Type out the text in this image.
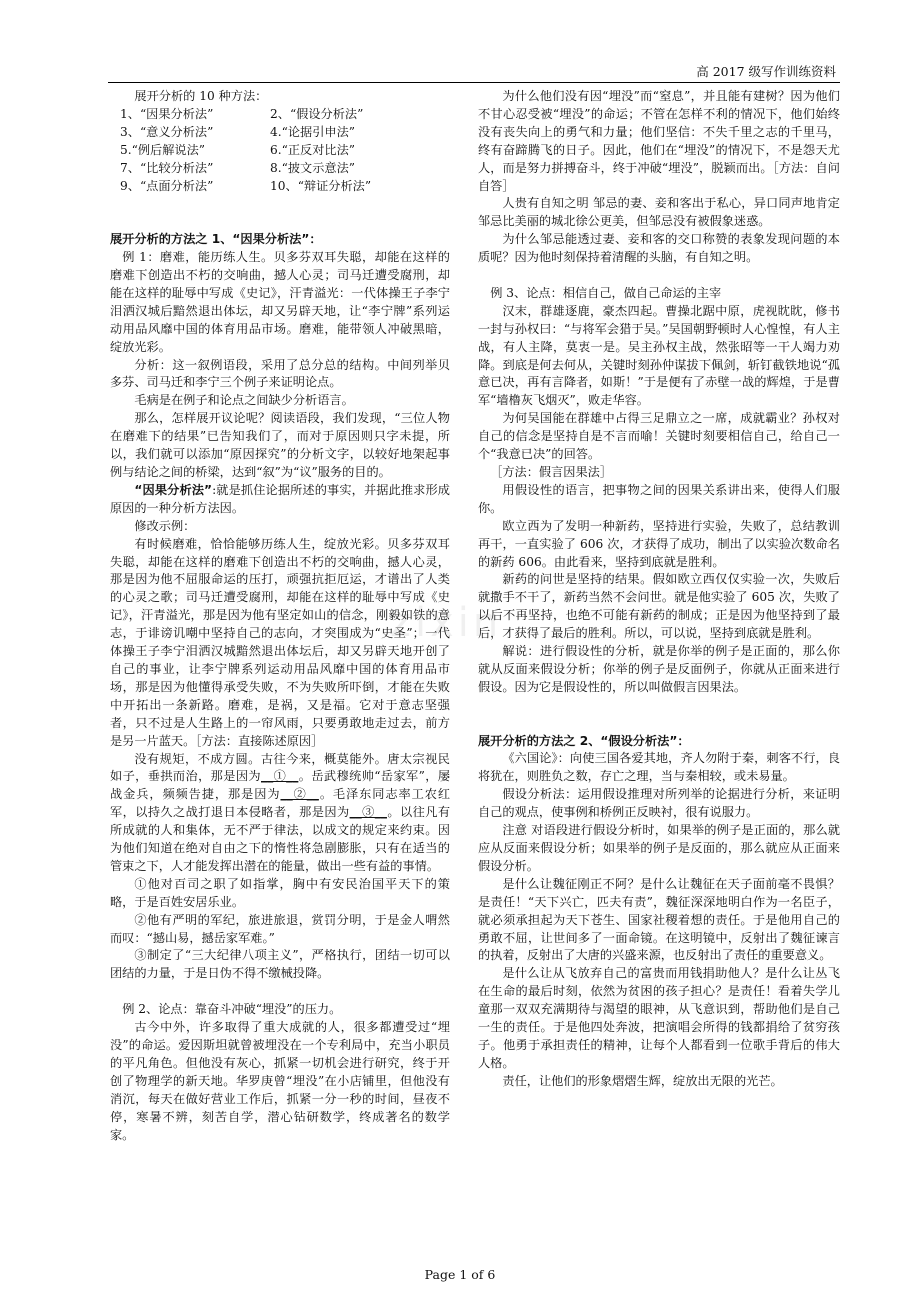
高 2017 级写作训练资料
zixin

展开分析的 10 种方法：

1、“因果分析法”	2、“假设分析法”
3、“意义分析法”	4.“论据引申法”
5.“例后解说法”	6.“正反对比法”
7、“比较分析法”	8.“披文示意法”
9、“点面分析法”	10、“辩证分析法”

展开分析的方法之 1、“因果分析法”：

例 1：磨难，能历练人生。贝多芬双耳失聪，却能在这样的磨难下创造出不朽的交响曲，撼人心灵；司马迁遭受腐刑，却能在这样的耻辱中写成《史记》，汗青溢光：一代体操王子李宁泪洒汉城后黯然退出体坛，却又另辟天地，让“李宁牌”系列运动用品风靡中国的体育用品市场。磨难，能带领人冲破黑暗，绽放光彩。

分析：这一叙例语段，采用了总分总的结构。中间列举贝多芬、司马迁和李宁三个例子来证明论点。

毛病是在例子和论点之间缺少分析语言。

那么，怎样展开议论呢？阅读语段，我们发现，“三位人物在磨难下的结果”已告知我们了，而对于原因则只字未提，所以，我们就可以添加“原因探究”的分析文字，以较好地架起事例与结论之间的桥梁，达到“叙”为“议”服务的目的。

“因果分析法”:就是抓住论据所述的事实，并据此推求形成原因的一种分析方法因。

修改示例：

有时候磨难，恰恰能够历练人生，绽放光彩。贝多芬双耳失聪，却能在这样的磨难下创造出不朽的交响曲，撼人心灵，那是因为他不屈服命运的压打，顽强抗拒厄运，才谱出了人类的心灵之歌；司马迁遭受腐刑，却能在这样的耻辱中写成《史记》，汗青溢光，那是因为他有坚定如山的信念，刚毅如铁的意志，于诽谤讥嘲中坚持自己的志向，才突围成为“史圣”；一代体操王子李宁泪洒汉城黯然退出体坛后，却又另辟天地开创了自己的事业，让李宁牌系列运动用品风靡中国的体育用品市场，那是因为他懂得承受失败，不为失败所吓倒，才能在失败中开拓出一条新路。磨难，是祸，又是福。它对于意志坚强者，只不过是人生路上的一帘风雨，只要勇敢地走过去，前方是另一片蓝天。［方法：直接陈述原因］

没有规矩，不成方圆。古往今来，概莫能外。唐太宗视民如子，垂拱而治，那是因为__①__。岳武穆统帅“岳家军”，屡战金兵，频频告捷，那是因为__②__。毛泽东同志率工农红军，以持久之战打退日本侵略者，那是因为__③__。以往凡有所成就的人和集体，无不严于律法，以成文的规定来约束。因为他们知道在绝对自由之下的惰性将急剧膨胀，只有在适当的管束之下，人才能发挥出潜在的能量，做出一些有益的事情。

①他对百司之职了如指掌，胸中有安民治国平天下的策略，于是百姓安居乐业。

②他有严明的军纪，旅进旅退，赏罚分明，于是金人喟然而叹：“撼山易，撼岳家军难。”

③制定了“三大纪律八项主义”，严格执行，团结一切可以团结的力量，于是日伪不得不缴械投降。

例 2、论点：靠奋斗冲破“埋没”的压力。

古今中外，许多取得了重大成就的人，很多都遭受过“埋没”的命运。爱因斯坦就曾被埋没在一个专利局中，充当小职员的平凡角色。但他没有灰心，抓紧一切机会进行研究，终于开创了物理学的新天地。华罗庚曾“埋没”在小店铺里，但他没有消沉，每天在做好营业工作后，抓紧一分一秒的时间，昼夜不停，寒暑不辨，刻苦自学，潜心钻研数学，终成著名的数学家。

为什么他们没有因“埋没”而“窒息”，并且能有建树？因为他们不甘心忍受被“埋没”的命运；不管在怎样不利的情况下，他们始终没有丧失向上的勇气和力量；他们坚信：不失千里之志的千里马，终有奋蹄腾飞的日子。因此，他们在“埋没”的情况下，不是怨天尤人，而是努力拼搏奋斗，终于冲破“埋没”，脱颖而出。［方法：自问自答］

人贵有自知之明 邹忌的妻、妾和客出于私心，异口同声地肯定邹忌比美丽的城北徐公更美，但邹忌没有被假象迷惑。

为什么邹忌能透过妻、妾和客的交口称赞的表象发现问题的本质呢？因为他时刻保持着清醒的头脑，有自知之明。

例 3、论点：相信自己，做自己命运的主宰

汉末，群雄逐鹿，豪杰四起。曹操北踞中原，虎视眈眈，修书一封与孙权曰：“与将军会猎于吴。”吴国朝野顿时人心惶惶，有人主战，有人主降，莫衷一是。吴主孙权主战，然张昭等一干人竭力劝降。到底是何去何从，关键时刻孙仲谋拔下佩剑，斩钉截铁地说“孤意已决，再有言降者，如斯！”于是便有了赤壁一战的辉煌，于是曹军“墙橹灰飞烟灭”，败走华容。

为何吴国能在群雄中占得三足鼎立之一席，成就霸业？孙权对自己的信念是坚持自是不言而喻！关键时刻要相信自己，给自己一个“我意已决”的回答。

［方法：假言因果法］

用假设性的语言，把事物之间的因果关系讲出来，使得人们服你。

欧立西为了发明一种新药，坚持进行实验，失败了，总结教训再干，一直实验了 606 次，才获得了成功，制出了以实验次数命名的新药 606。由此看来，坚持到底就是胜利。

新药的问世是坚持的结果。假如欧立西仅仅实验一次，失败后就撒手不干了，新药当然不会问世。就是他实验了 605 次，失败了以后不再坚持，也绝不可能有新药的制成；正是因为他坚持到了最后，才获得了最后的胜利。所以，可以说，坚持到底就是胜利。

解说：进行假设性的分析，就是你举的例子是正面的，那么你就从反面来假设分析；你举的例子是反面例子，你就从正面来进行假设。因为它是假设性的，所以叫做假言因果法。

展开分析的方法之 2、“假设分析法”：

《六国论》：向使三国各爱其地，齐人勿附于秦，刺客不行，良将犹在，则胜负之数，存亡之理，当与秦相较，或未易量。

假设分析法：运用假设推理对所列举的论据进行分析，来证明自己的观点，使事例和桥例正反映衬，很有说服力。

注意 对语段进行假设分析时，如果举的例子是正面的，那么就应从反面来假设分析；如果举的例子是反面的，那么就应从正面来假设分析。

是什么让魏征刚正不阿？是什么让魏征在天子面前毫不畏惧？是责任！“天下兴亡，匹夫有责”，魏征深深地明白作为一名臣子，就必须承担起为天下苍生、国家社稷着想的责任。于是他用自己的勇敢不屈，让世间多了一面命镜。在这明镜中，反射出了魏征谏言的执着，反射出了大唐的兴盛来源，也反射出了责任的重要意义。

是什么让从飞放弃自己的富贵而用钱捐助他人？是什么让丛飞在生命的最后时刻，依然为贫困的孩子担心？是责任！看着失学儿童那一双双充满期待与渴望的眼神，从飞意识到，帮助他们是自己一生的责任。于是他四处奔波，把演唱会所得的钱都捐给了贫穷孩子。他勇于承担责任的精神，让每个人都看到一位歌手背后的伟大人格。

责任，让他们的形象熠熠生辉，绽放出无限的光芒。

Page 1 of 6
